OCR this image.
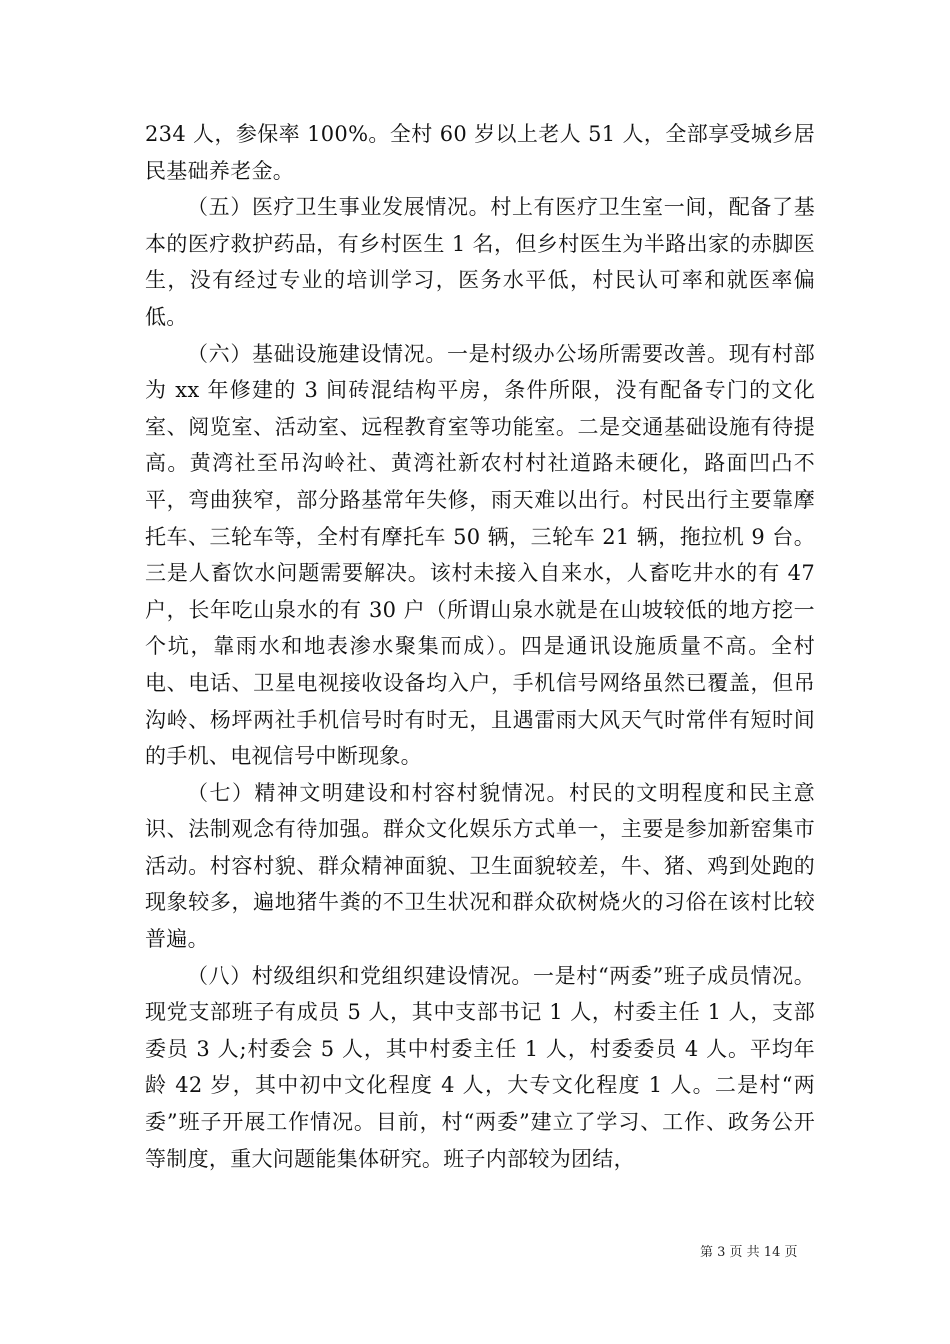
234 人，参保率 100%。全村 60 岁以上老人 51 人，全部享受城乡居民基础养老金。

（五）医疗卫生事业发展情况。村上有医疗卫生室一间，配备了基本的医疗救护药品，有乡村医生 1 名，但乡村医生为半路出家的赤脚医生，没有经过专业的培训学习，医务水平低，村民认可率和就医率偏低。

（六）基础设施建设情况。一是村级办公场所需要改善。现有村部为 xx 年修建的 3 间砖混结构平房，条件所限，没有配备专门的文化室、阅览室、活动室、远程教育室等功能室。二是交通基础设施有待提高。黄湾社至吊沟岭社、黄湾社新农村村社道路未硬化，路面凹凸不平，弯曲狭窄，部分路基常年失修，雨天难以出行。村民出行主要靠摩托车、三轮车等，全村有摩托车 50 辆，三轮车 21 辆，拖拉机 9 台。三是人畜饮水问题需要解决。该村未接入自来水，人畜吃井水的有 47 户，长年吃山泉水的有 30 户（所谓山泉水就是在山坡较低的地方挖一个坑，靠雨水和地表渗水聚集而成）。四是通讯设施质量不高。全村电、电话、卫星电视接收设备均入户，手机信号网络虽然已覆盖，但吊沟岭、杨坪两社手机信号时有时无，且遇雷雨大风天气时常伴有短时间的手机、电视信号中断现象。

（七）精神文明建设和村容村貌情况。村民的文明程度和民主意识、法制观念有待加强。群众文化娱乐方式单一，主要是参加新窑集市活动。村容村貌、群众精神面貌、卫生面貌较差，牛、猪、鸡到处跑的现象较多，遍地猪牛粪的不卫生状况和群众砍树烧火的习俗在该村比较普遍。

（八）村级组织和党组织建设情况。一是村“两委”班子成员情况。现党支部班子有成员 5 人，其中支部书记 1 人，村委主任 1 人，支部委员 3 人;村委会 5 人，其中村委主任 1 人，村委委员 4 人。平均年龄 42 岁，其中初中文化程度 4 人，大专文化程度 1 人。二是村“两委”班子开展工作情况。目前，村“两委”建立了学习、工作、政务公开等制度，重大问题能集体研究。班子内部较为团结，

第 3 页 共 14 页
